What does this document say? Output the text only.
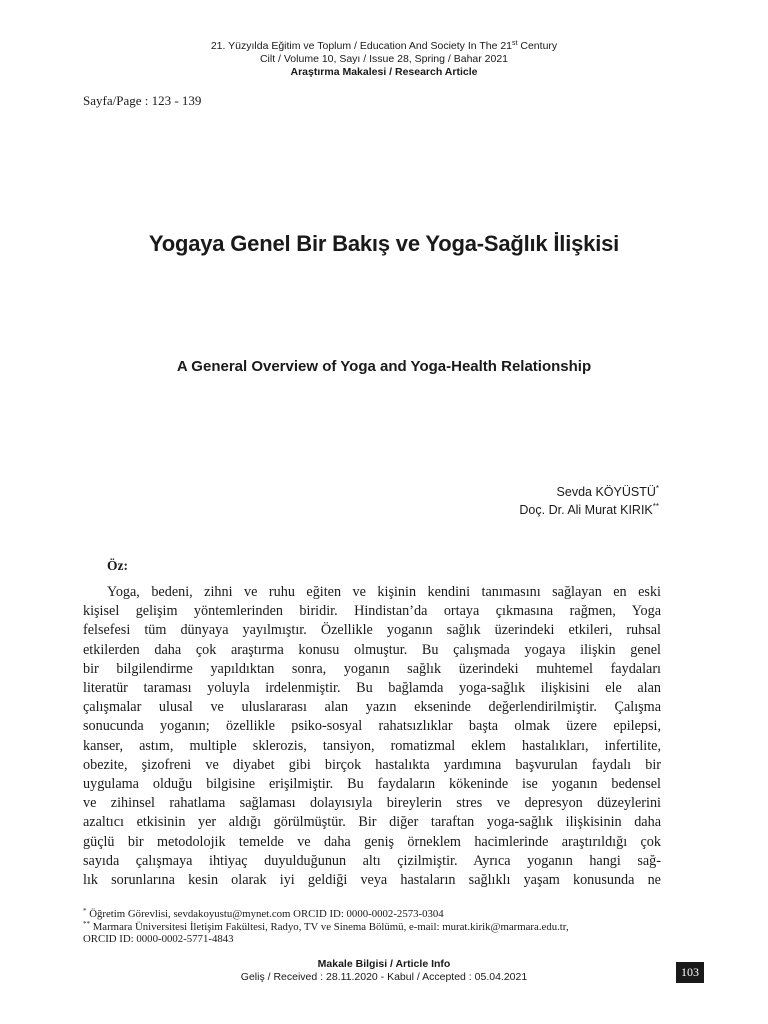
21. Yüzyılda Eğitim ve Toplum / Education And Society In The 21st Century
Cilt / Volume 10, Sayı / Issue 28, Spring / Bahar 2021
Araştırma Makalesi / Research Article
Sayfa/Page : 123 - 139
Yogaya Genel Bir Bakış ve Yoga-Sağlık İlişkisi
A General Overview of Yoga and Yoga-Health Relationship
Sevda KÖYÜSTÜ*
Doç. Dr. Ali Murat KIRIK**
Öz:
Yoga, bedeni, zihni ve ruhu eğiten ve kişinin kendini tanımasını sağlayan en eski
kişisel gelişim yöntemlerinden biridir. Hindistan’da ortaya çıkmasına rağmen, Yoga
felsefesi tüm dünyaya yayılmıştır. Özellikle yoganın sağlık üzerindeki etkileri, ruhsal
etkilerden daha çok araştırma konusu olmuştur. Bu çalışmada yogaya ilişkin genel
bir bilgilendirme yapıldıktan sonra, yoganın sağlık üzerindeki muhtemel faydaları
literatür taraması yoluyla irdelenmiştir. Bu bağlamda yoga-sağlık ilişkisini ele alan
çalışmalar ulusal ve uluslararası alan yazın ekseninde değerlendirilmiştir. Çalışma
sonucunda yoganın; özellikle psiko-sosyal rahatsızlıklar başta olmak üzere epilepsi,
kanser, astım, multiple sklerozis, tansiyon, romatizmal eklem hastalıkları, infertilite,
obezite, şizofreni ve diyabet gibi birçok hastalıkta yardımına başvurulan faydalı bir
uygulama olduğu bilgisine erişilmiştir. Bu faydaların kökeninde ise yoganın bedensel
ve zihinsel rahatlama sağlaması dolayısıyla bireylerin stres ve depresyon düzeylerini
azaltıcı etkisinin yer aldığı görülmüştür. Bir diğer taraftan yoga-sağlık ilişkisinin daha
güçlü bir metodolojik temelde ve daha geniş örneklem hacimlerinde araştırıldığı çok
sayıda çalışmaya ihtiyaç duyulduğunun altı çizilmiştir. Ayrıca yoganın hangi sağ-
lık sorunlarına kesin olarak iyi geldiği veya hastaların sağlıklı yaşam konusunda ne
* Öğretim Görevlisi, sevdakoyustu@mynet.com ORCID ID: 0000-0002-2573-0304
** Marmara Üniversitesi İletişim Fakültesi, Radyo, TV ve Sinema Bölümü, e-mail: murat.kirik@marmara.edu.tr,
ORCID ID: 0000-0002-5771-4843
Makale Bilgisi / Article Info
Geliş / Received : 28.11.2020 - Kabul / Accepted : 05.04.2021	103
